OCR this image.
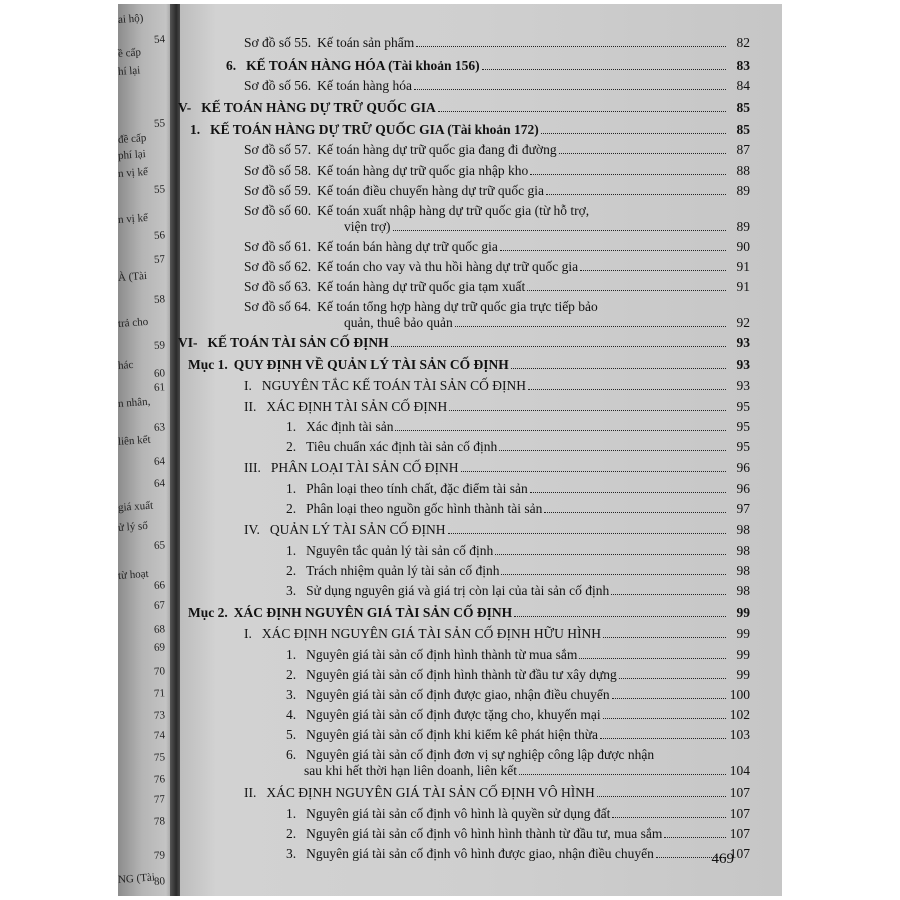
ai hộ)
54
ề cấp
hí lại
55
đề cấp
phí lại
n vị kế
55
n vị kế
56
57
À (Tài
58
trả cho
59
hác
60
61
n nhân,
63
liên kết
64
64
giá xuất
ử lý số
65
từ hoạt
66
67
68
69
70
71
73
74
75
76
77
78
79
NG (Tài
80
Sơ đồ số 55. Kế toán sản phẩm	82
6. KẾ TOÁN HÀNG HÓA (Tài khoản 156)	83
Sơ đồ số 56. Kế toán hàng hóa	84
V- KẾ TOÁN HÀNG DỰ TRỮ QUỐC GIA	85
1. KẾ TOÁN HÀNG DỰ TRỮ QUỐC GIA (Tài khoản 172)	85
Sơ đồ số 57. Kế toán hàng dự trữ quốc gia đang đi đường	87
Sơ đồ số 58. Kế toán hàng dự trữ quốc gia nhập kho	88
Sơ đồ số 59. Kế toán điều chuyển hàng dự trữ quốc gia	89
Sơ đồ số 60. Kế toán xuất nhập hàng dự trữ quốc gia (từ hỗ trợ,
viện trợ)	89
Sơ đồ số 61. Kế toán bán hàng dự trữ quốc gia	90
Sơ đồ số 62. Kế toán cho vay và thu hồi hàng dự trữ quốc gia	91
Sơ đồ số 63. Kế toán hàng dự trữ quốc gia tạm xuất	91
Sơ đồ số 64. Kế toán tổng hợp hàng dự trữ quốc gia trực tiếp bảo
quản, thuê bảo quản	92
VI- KẾ TOÁN TÀI SẢN CỐ ĐỊNH	93
Mục 1. QUY ĐỊNH VỀ QUẢN LÝ TÀI SẢN CỐ ĐỊNH	93
I. NGUYÊN TẮC KẾ TOÁN TÀI SẢN CỐ ĐỊNH	93
II. XÁC ĐỊNH TÀI SẢN CỐ ĐỊNH	95
1. Xác định tài sản	95
2. Tiêu chuẩn xác định tài sản cố định	95
III. PHÂN LOẠI TÀI SẢN CỐ ĐỊNH	96
1. Phân loại theo tính chất, đặc điểm tài sản	96
2. Phân loại theo nguồn gốc hình thành tài sản	97
IV. QUẢN LÝ TÀI SẢN CỐ ĐỊNH	98
1. Nguyên tắc quản lý tài sản cố định	98
2. Trách nhiệm quản lý tài sản cố định	98
3. Sử dụng nguyên giá và giá trị còn lại của tài sản cố định	98
Mục 2. XÁC ĐỊNH NGUYÊN GIÁ TÀI SẢN CỐ ĐỊNH	99
I. XÁC ĐỊNH NGUYÊN GIÁ TÀI SẢN CỐ ĐỊNH HỮU HÌNH	99
1. Nguyên giá tài sản cố định hình thành từ mua sắm	99
2. Nguyên giá tài sản cố định hình thành từ đầu tư xây dựng	99
3. Nguyên giá tài sản cố định được giao, nhận điều chuyển	100
4. Nguyên giá tài sản cố định được tặng cho, khuyến mại	102
5. Nguyên giá tài sản cố định khi kiểm kê phát hiện thừa	103
6. Nguyên giá tài sản cố định đơn vị sự nghiệp công lập được nhận
sau khi hết thời hạn liên doanh, liên kết	104
II. XÁC ĐỊNH NGUYÊN GIÁ TÀI SẢN CỐ ĐỊNH VÔ HÌNH	107
1. Nguyên giá tài sản cố định vô hình là quyền sử dụng đất	107
2. Nguyên giá tài sản cố định vô hình hình thành từ đầu tư, mua sắm	107
3. Nguyên giá tài sản cố định vô hình được giao, nhận điều chuyển	107
469
